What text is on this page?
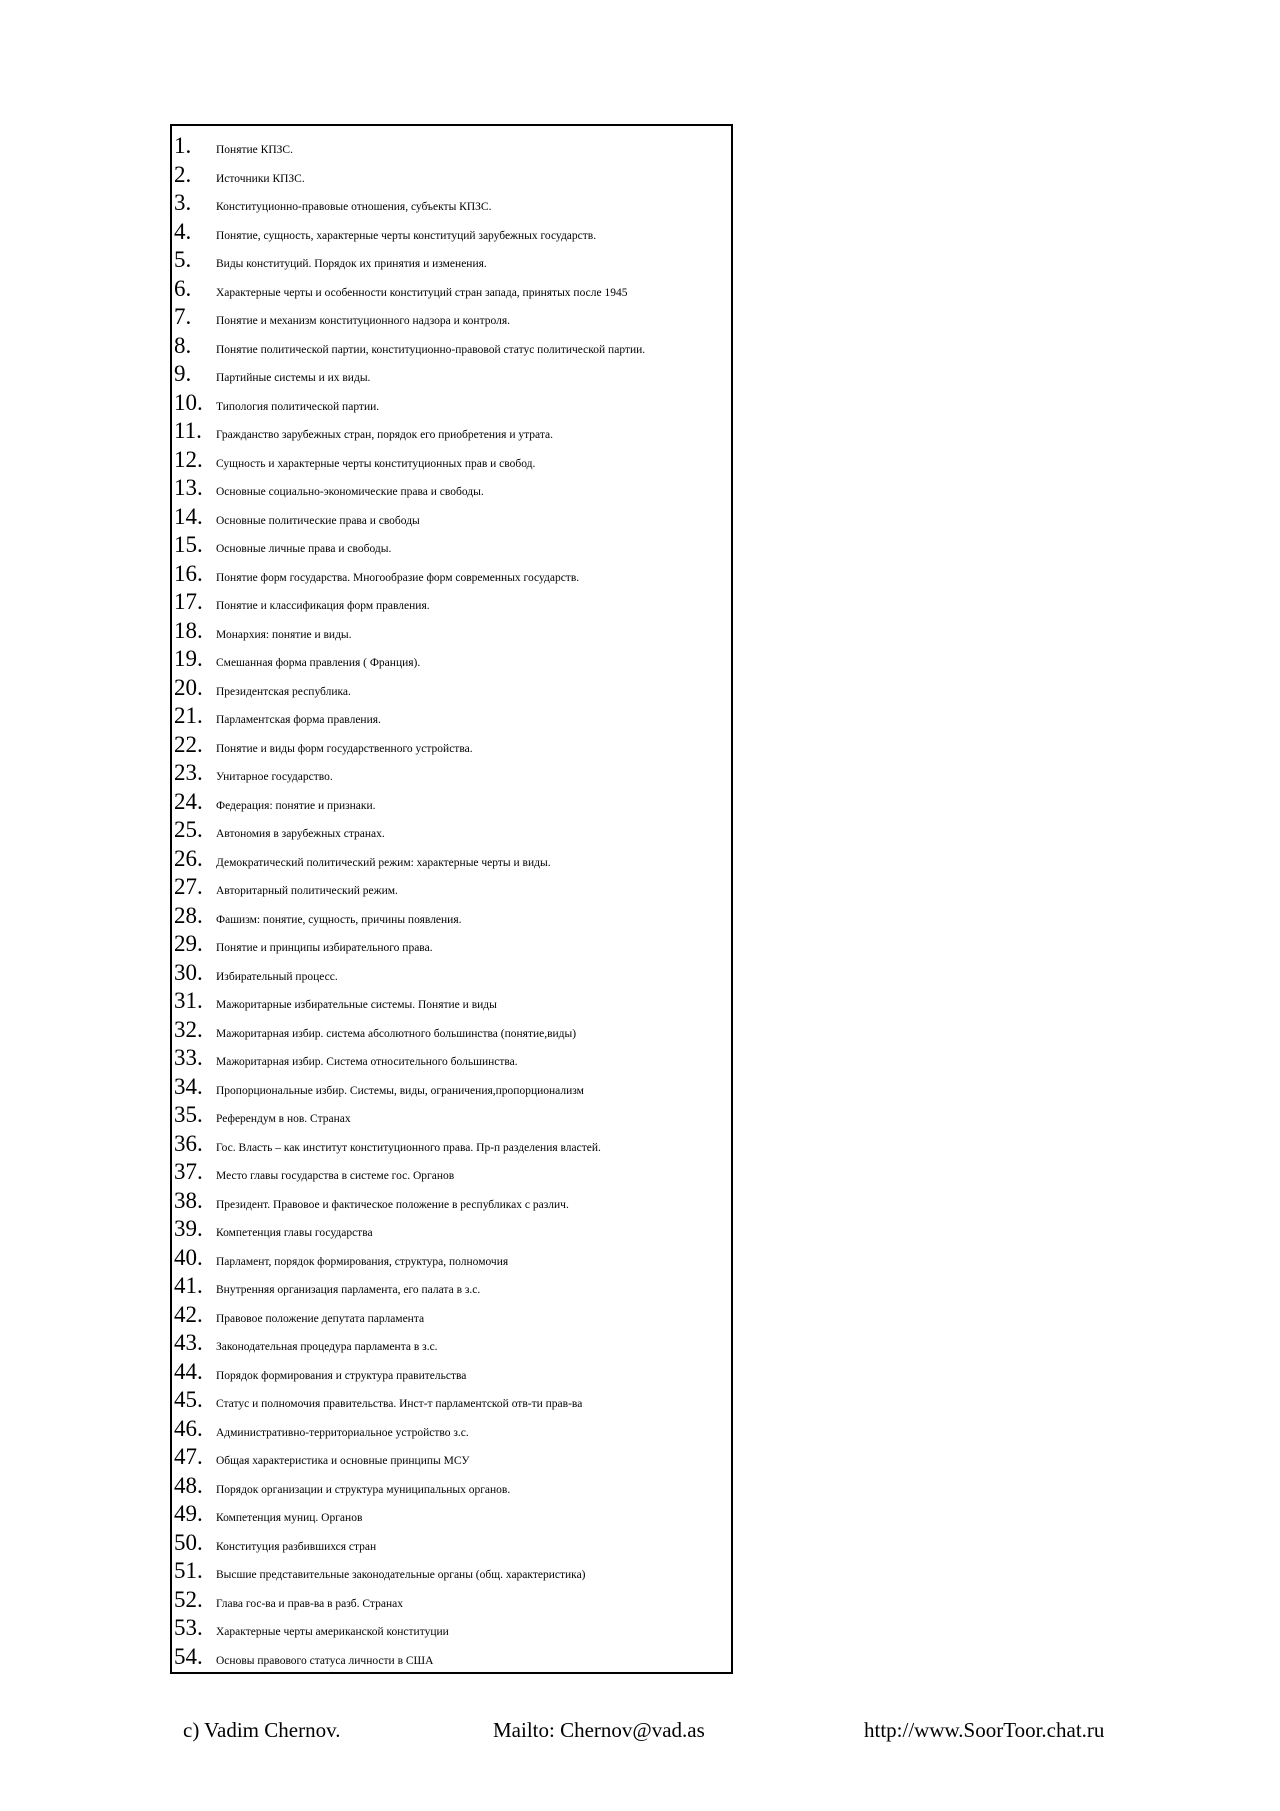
1.	Понятие КПЗС.
2.	Источники КПЗС.
3.	Конституционно-правовые отношения, субъекты КПЗС.
4.	Понятие, сущность, характерные черты конституций зарубежных государств.
5.	Виды конституций. Порядок их принятия и изменения.
6.	Характерные черты и особенности конституций стран запада, принятых после 1945
7.	Понятие и механизм конституционного надзора и контроля.
8.	Понятие политической партии, конституционно-правовой статус политической партии.
9.	Партийные системы и их виды.
10.	Типология политической партии.
11.	Гражданство зарубежных стран, порядок его приобретения и утрата.
12.	Сущность и характерные черты конституционных прав и свобод.
13.	Основные социально-экономические права и свободы.
14.	Основные политические права и свободы
15.	Основные личные права и свободы.
16.	Понятие форм государства. Многообразие форм современных государств.
17.	Понятие и классификация форм правления.
18.	Монархия: понятие и виды.
19.	Смешанная форма правления ( Франция).
20.	Президентская республика.
21.	Парламентская форма правления.
22.	Понятие и виды форм государственного устройства.
23.	Унитарное государство.
24.	Федерация: понятие и признаки.
25.	Автономия в зарубежных странах.
26.	Демократический политический режим: характерные черты и виды.
27.	Авторитарный политический режим.
28.	Фашизм: понятие, сущность, причины появления.
29.	Понятие и принципы избирательного права.
30.	Избирательный процесс.
31.	Мажоритарные избирательные системы. Понятие и виды
32.	Мажоритарная избир. система абсолютного большинства (понятие,виды)
33.	Мажоритарная избир. Система относительного большинства.
34.	Пропорциональные избир. Системы, виды, ограничения,пропорционализм
35.	Референдум в нов. Странах
36.	Гос. Власть – как институт конституционного права. Пр-п разделения властей.
37.	Место главы государства в системе гос. Органов
38.	Президент. Правовое и фактическое положение в республиках с различ.
39.	Компетенция главы государства
40.	Парламент, порядок формирования, структура, полномочия
41.	Внутренняя организация парламента, его палата в з.с.
42.	Правовое положение депутата парламента
43.	Законодательная процедура парламента в з.с.
44.	Порядок формирования и структура правительства
45.	Статус и полномочия правительства. Инст-т парламентской отв-ти прав-ва
46.	Административно-территориальное устройство з.с.
47.	Общая характеристика и основные принципы МСУ
48.	Порядок организации и структура муниципальных органов.
49.	Компетенция муниц. Органов
50.	Конституция разбившихся стран
51.	Высшие представительные законодательные органы (общ. характеристика)
52.	Глава гос-ва и прав-ва в разб. Странах
53.	Характерные черты американской конституции
54.	Основы правового статуса личности в США
c) Vadim Chernov.	Mailto: Chernov@vad.as	http://www.SoorToor.chat.ru
